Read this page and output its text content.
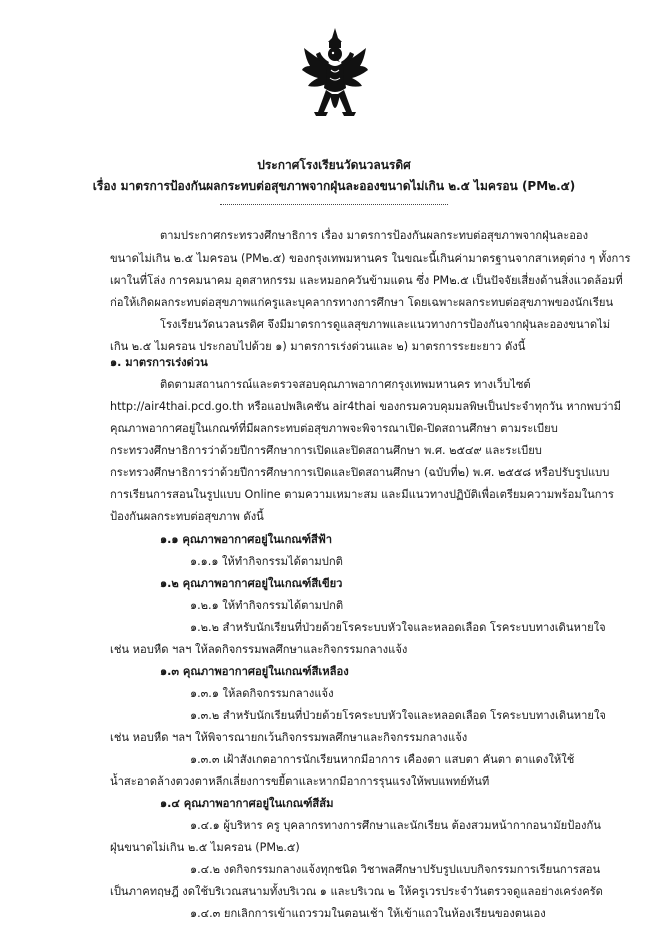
ประกาศโรงเรียนวัดนวลนรดิศ
เรื่อง มาตรการป้องกันผลกระทบต่อสุขภาพจากฝุ่นละอองขนาดไม่เกิน ๒.๕ ไมครอน (PM๒.๕)
ตามประกาศกระทรวงศึกษาธิการ เรื่อง มาตรการป้องกันผลกระทบต่อสุขภาพจากฝุ่นละออง
ขนาดไม่เกิน ๒.๕ ไมครอน (PM๒.๕) ของกรุงเทพมหานคร ในขณะนี้เกินค่ามาตรฐานจากสาเหตุต่าง ๆ ทั้งการ
เผาในที่โล่ง การคมนาคม อุตสาหกรรม และหมอกควันข้ามแดน ซึ่ง PM๒.๕ เป็นปัจจัยเสี่ยงด้านสิ่งแวดล้อมที่
ก่อให้เกิดผลกระทบต่อสุขภาพแก่ครูและบุคลากรทางการศึกษา โดยเฉพาะผลกระทบต่อสุขภาพของนักเรียน
โรงเรียนวัดนวลนรดิศ จึงมีมาตรการดูแลสุขภาพและแนวทางการป้องกันจากฝุ่นละอองขนาดไม่
เกิน ๒.๕ ไมครอน ประกอบไปด้วย ๑) มาตรการเร่งด่วนและ ๒) มาตรการระยะยาว ดังนี้
๑. มาตรการเร่งด่วน
ติดตามสถานการณ์และตรวจสอบคุณภาพอากาศกรุงเทพมหานคร ทางเว็บไซต์
http://air4thai.pcd.go.th หรือแอปพลิเคชัน air4thai ของกรมควบคุมมลพิษเป็นประจำทุกวัน หากพบว่ามี
คุณภาพอากาศอยู่ในเกณฑ์ที่มีผลกระทบต่อสุขภาพจะพิจารณาเปิด-ปิดสถานศึกษา ตามระเบียบ
กระทรวงศึกษาธิการว่าด้วยปีการศึกษาการเปิดและปิดสถานศึกษา พ.ศ. ๒๕๔๙ และระเบียบ
กระทรวงศึกษาธิการว่าด้วยปีการศึกษาการเปิดและปิดสถานศึกษา (ฉบับที่๒) พ.ศ. ๒๕๕๘ หรือปรับรูปแบบ
การเรียนการสอนในรูปแบบ Online ตามความเหมาะสม และมีแนวทางปฏิบัติเพื่อเตรียมความพร้อมในการ
ป้องกันผลกระทบต่อสุขภาพ ดังนี้
๑.๑ คุณภาพอากาศอยู่ในเกณฑ์สีฟ้า
๑.๑.๑ ให้ทำกิจกรรมได้ตามปกติ
๑.๒ คุณภาพอากาศอยู่ในเกณฑ์สีเขียว
๑.๒.๑ ให้ทำกิจกรรมได้ตามปกติ
๑.๒.๒ สำหรับนักเรียนที่ป่วยด้วยโรคระบบหัวใจและหลอดเลือด โรคระบบทางเดินหายใจ
เช่น หอบหืด ฯลฯ ให้ลดกิจกรรมพลศึกษาและกิจกรรมกลางแจ้ง
๑.๓ คุณภาพอากาศอยู่ในเกณฑ์สีเหลือง
๑.๓.๑ ให้ลดกิจกรรมกลางแจ้ง
๑.๓.๒ สำหรับนักเรียนที่ป่วยด้วยโรคระบบหัวใจและหลอดเลือด โรคระบบทางเดินหายใจ
เช่น หอบหืด ฯลฯ ให้พิจารณายกเว้นกิจกรรมพลศึกษาและกิจกรรมกลางแจ้ง
๑.๓.๓ เฝ้าสังเกตอาการนักเรียนหากมีอาการ เคืองตา แสบตา คันตา ตาแดงให้ใช้
น้ำสะอาดล้างตวงตาหลีกเลี่ยงการขยี้ตาและหากมีอาการรุนแรงให้พบแพทย์ทันที
๑.๔ คุณภาพอากาศอยู่ในเกณฑ์สีส้ม
๑.๔.๑ ผู้บริหาร ครู บุคลากรทางการศึกษาและนักเรียน ต้องสวมหน้ากากอนามัยป้องกัน
ฝุ่นขนาดไม่เกิน ๒.๕ ไมครอน (PM๒.๕)
๑.๔.๒ งดกิจกรรมกลางแจ้งทุกชนิด วิชาพลศึกษาปรับรูปแบบกิจกรรมการเรียนการสอน
เป็นภาคทฤษฎี งดใช้บริเวณสนามทั้งบริเวณ ๑ และบริเวณ ๒ ให้ครูเวรประจำวันตรวจดูแลอย่างเคร่งครัด
๑.๔.๓ ยกเลิกการเข้าแถวรวมในตอนเช้า ให้เข้าแถวในห้องเรียนของตนเอง
